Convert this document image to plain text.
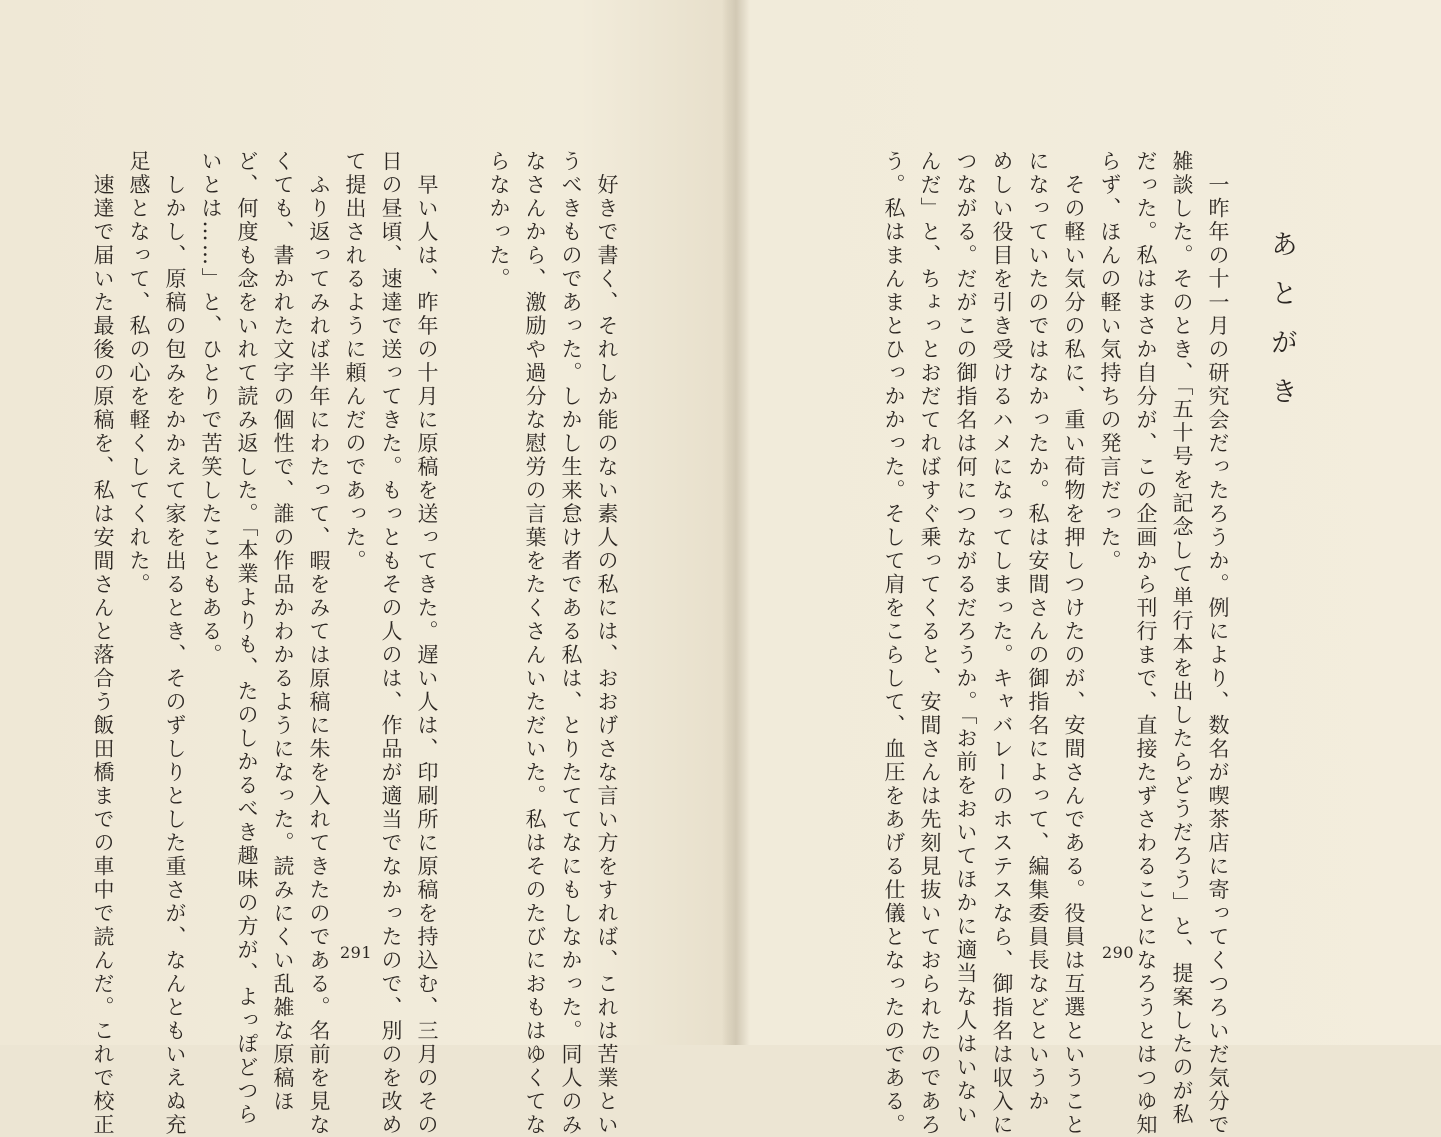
　好きで書く、それしか能のない素人の私には、おおげさな言い方をすれば、これは苦業とい
うべきものであった。しかし生来怠け者である私は、とりたててなにもしなかった。同人のみ
なさんから、激励や過分な慰労の言葉をたくさんいただいた。私はそのたびにおもはゆくてな
らなかった。
　早い人は、昨年の十月に原稿を送ってきた。遅い人は、印刷所に原稿を持込む、三月のその
日の昼頃、速達で送ってきた。もっともその人のは、作品が適当でなかったので、別のを改め
て提出されるように頼んだのであった。
　ふり返ってみれば半年にわたって、暇をみては原稿に朱を入れてきたのである。名前を見な
くても、書かれた文字の個性で、誰の作品かわかるようになった。読みにくい乱雑な原稿ほ
ど、何度も念をいれて読み返した。「本業よりも、たのしかるべき趣味の方が、よっぽどつら
いとは……」と、ひとりで苦笑したこともある。
　しかし、原稿の包みをかかえて家を出るとき、そのずしりとした重さが、なんともいえぬ充
足感となって、私の心を軽くしてくれた。
　速達で届いた最後の原稿を、私は安間さんと落合う飯田橋までの車中で読んだ。これで校正	291
あとがき
　一昨年の十一月の研究会だったろうか。例により、数名が喫茶店に寄ってくつろいだ気分で
雑談した。そのとき、「五十号を記念して単行本を出したらどうだろう」と、提案したのが私
だった。私はまさか自分が、この企画から刊行まで、直接たずさわることになろうとはつゆ知
らず、ほんの軽い気持ちの発言だった。
　その軽い気分の私に、重い荷物を押しつけたのが、安間さんである。役員は互選ということ
になっていたのではなかったか。私は安間さんの御指名によって、編集委員長などというか
めしい役目を引き受けるハメになってしまった。キャバレーのホステスなら、御指名は収入に
つながる。だがこの御指名は何につながるだろうか。「お前をおいてほかに適当な人はいない
んだ」と、ちょっとおだてればすぐ乗ってくると、安間さんは先刻見抜いておられたのであろ
う。私はまんまとひっかかった。そして肩をこらして、血圧をあげる仕儀となったのである。	290
